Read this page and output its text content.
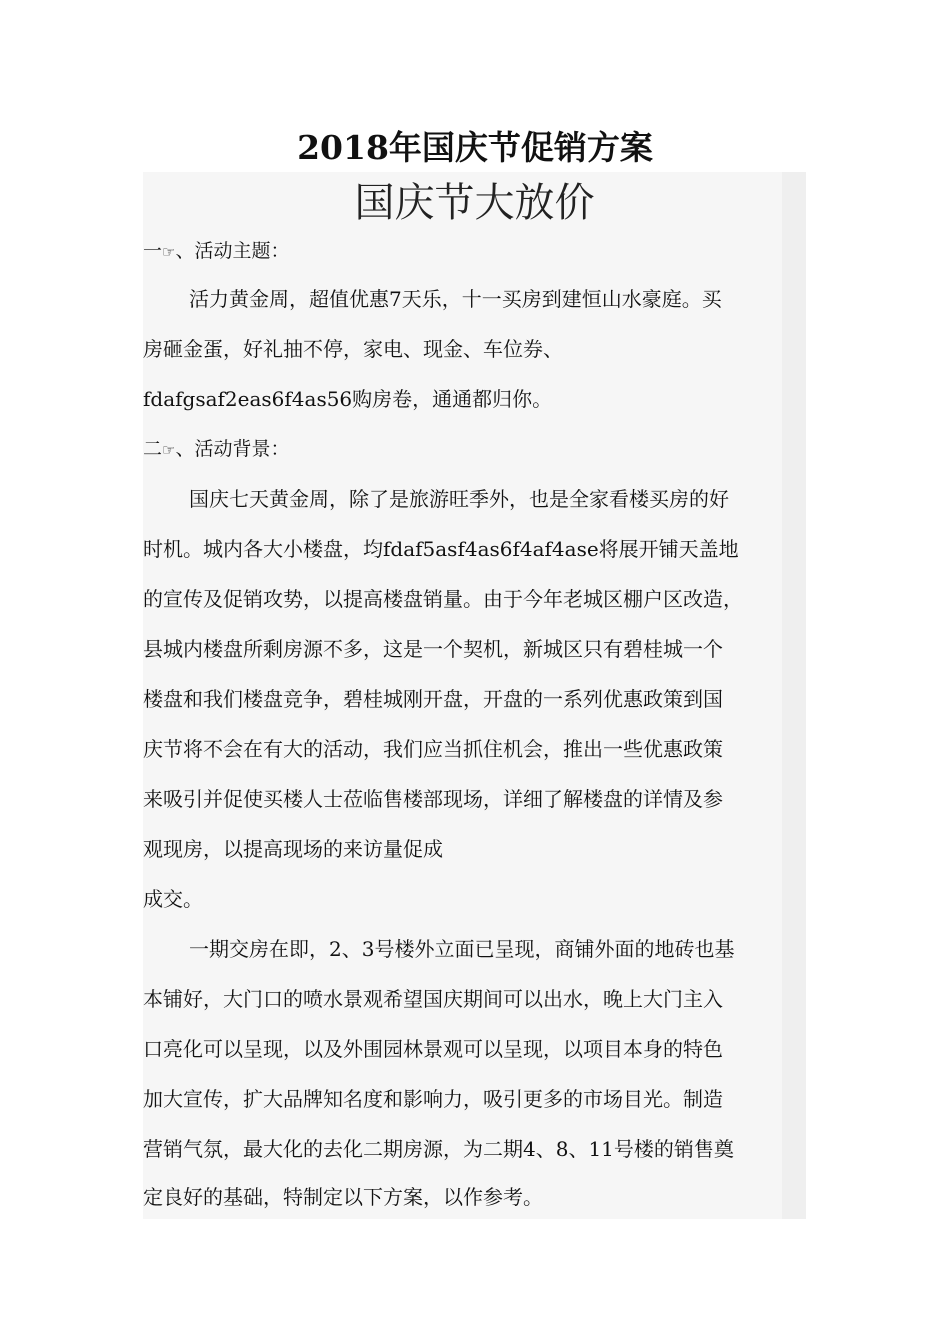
2018年国庆节促销方案
国庆节大放价
一☞、活动主题：
活力黄金周，超值优惠7天乐，十一买房到建恒山水豪庭。买
房砸金蛋，好礼抽不停，家电、现金、车位券、
fdafgsaf2eas6f4as56购房卷，通通都归你。
二☞、活动背景：
国庆七天黄金周，除了是旅游旺季外，也是全家看楼买房的好
时机。城内各大小楼盘，均fdaf5asf4as6f4af4ase将展开铺天盖地
的宣传及促销攻势，以提高楼盘销量。由于今年老城区棚户区改造，
县城内楼盘所剩房源不多，这是一个契机，新城区只有碧桂城一个
楼盘和我们楼盘竞争，碧桂城刚开盘，开盘的一系列优惠政策到国
庆节将不会在有大的活动，我们应当抓住机会，推出一些优惠政策
来吸引并促使买楼人士莅临售楼部现场，详细了解楼盘的详情及参
观现房，以提高现场的来访量促成
成交。
一期交房在即，2、3号楼外立面已呈现，商铺外面的地砖也基
本铺好，大门口的喷水景观希望国庆期间可以出水，晚上大门主入
口亮化可以呈现，以及外围园林景观可以呈现，以项目本身的特色
加大宣传，扩大品牌知名度和影响力，吸引更多的市场目光。制造
营销气氛，最大化的去化二期房源，为二期4、8、11号楼的销售奠
定良好的基础，特制定以下方案，以作参考。
